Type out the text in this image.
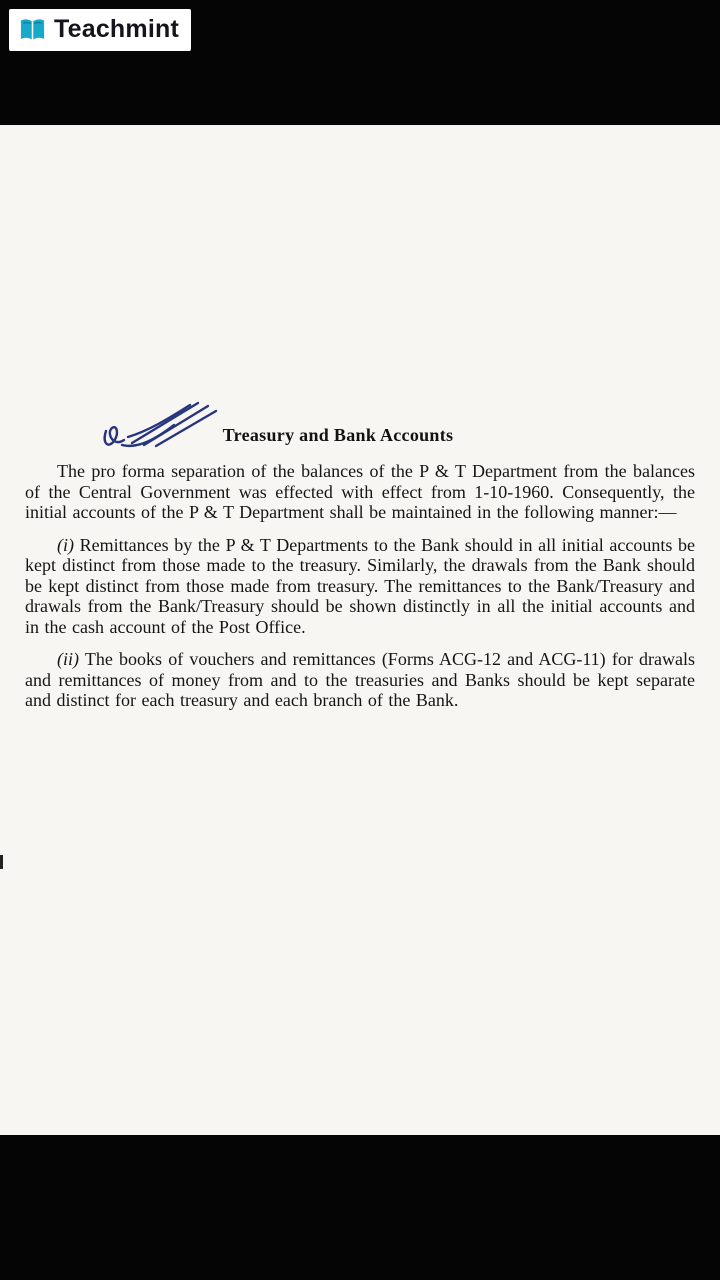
Teachmint
Treasury and Bank Accounts

The pro forma separation of the balances of the P & T Department from the balances of the Central Government was effected with effect from 1-10-1960. Consequently, the initial accounts of the P & T Department shall be maintained in the following manner:—

(i) Remittances by the P & T Departments to the Bank should in all initial accounts be kept distinct from those made to the treasury. Similarly, the drawals from the Bank should be kept distinct from those made from treasury. The remittances to the Bank/Treasury and drawals from the Bank/Treasury should be shown distinctly in all the initial accounts and in the cash account of the Post Office.

(ii) The books of vouchers and remittances (Forms ACG-12 and ACG-11) for drawals and remittances of money from and to the treasuries and Banks should be kept separate and distinct for each treasury and each branch of the Bank.
